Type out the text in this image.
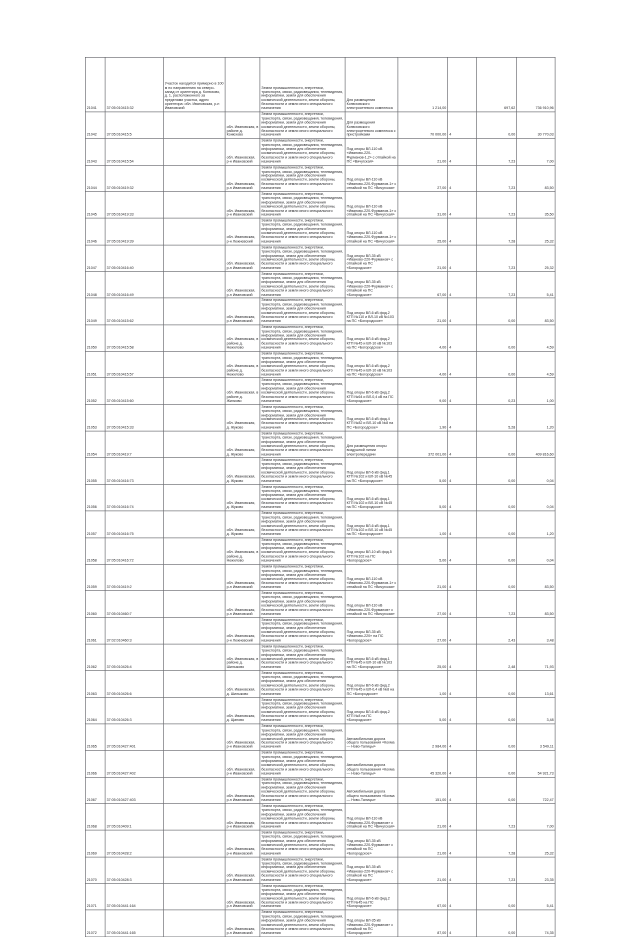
21041	37:05:010415:32	Участок находится примерно в 100 м по направлению на северо-запад от ориентира д. Конюхово, д. 1, расположенного за пределами участка, адрес ориентира: обл. Ивановская, р-н Ивановский		Земли промышленности, энергетики, транспорта, связи, радиовещания, телевидения, информатики, земли для обеспечения космической деятельности, земли обороны, безопасности и земли иного специального назначения	Для размещения Конюховского электросетевого комплекса	1 214,00		697,62	736 910,96
21042	37:05:010415:5		обл. Ивановская, в районе д. Конюхово	Земли промышленности, энергетики, транспорта, связи, радиовещания, телевидения, информатики, земли для обеспечения космической деятельности, земли обороны, безопасности и земли иного специального назначения	Для размещения Конюховского электросетевого комплекса с пристройками	70 000,00	4	0,00	30 770,03
21043	37:05:010415:54		обл. Ивановская, р-н Ивановский	Земли промышленности, энергетики, транспорта, связи, радиовещания, телевидения, информатики, земли для обеспечения космической деятельности, земли обороны, безопасности и земли иного специального назначения	Под опоры ВЛ-110 кВ «Иваново-220-Фурманов-1,2» с отпайкой на ПС «Вичугская»	21,00	4	7,23	7,00
21044	37:05:010419:32		обл. Ивановская, р-н Ивановский	Земли промышленности, энергетики, транспорта, связи, радиовещания, телевидения, информатики, земли для обеспечения космической деятельности, земли обороны, безопасности и земли иного специального назначения	Под опоры ВЛ-110 кВ «Иваново-220-Фурманов-1» с отпайкой на ПС «Вичугская»	27,00	4	7,23	83,50
21045	37:05:010419:33		обл. Ивановская, р-н Ивановский	Земли промышленности, энергетики, транспорта, связи, радиовещания, телевидения, информатики, земли для обеспечения космической деятельности, земли обороны, безопасности и земли иного специального назначения	Под опоры ВЛ-110 кВ «Иваново-220-Фурманов-1» с отпайкой на ПС «Вичугская»	31,00	4	7,23	35,50
21046	37:05:010419:39		обл. Ивановская, р-н Лежневский	Земли промышленности, энергетики, транспорта, связи, радиовещания, телевидения, информатики, земли для обеспечения космической деятельности, земли обороны, безопасности и земли иного специального назначения	Под опоры ВЛ-110 кВ «Иваново-220-Фурманов-1» с отпайкой на ПС «Вичугская»	25,00	4	7,28	25,32
21047	37:05:010416:40		обл. Ивановская, р-н Ивановский	Земли промышленности, энергетики, транспорта, связи, радиовещания, телевидения, информатики, земли для обеспечения космической деятельности, земли обороны, безопасности и земли иного специального назначения	Под опоры ВЛ-35 кВ «Иваново-220-Фурманов» с отпайкой на ПС «Богородское»	21,00	4	7,23	25,32
21048	37:05:010416:49		обл. Ивановская, р-н Ивановский	Земли промышленности, энергетики, транспорта, связи, радиовещания, телевидения, информатики, земли для обеспечения космической деятельности, земли обороны, безопасности и земли иного специального назначения	Под опоры ВЛ-35 кВ «Иваново-220-Фурманов» с отпайкой на ПС «Богородское»	67,00	4	7,23	5,41
21049	37:05:010415:62		обл. Ивановская, р-н Ивановский	Земли промышленности, энергетики, транспорта, связи, радиовещания, телевидения, информатики, земли для обеспечения космической деятельности, земли обороны, безопасности и земли иного специального назначения	Под опоры ВЛ-6 кВ фид.2 КТП №110 и ВЛ-10 кВ №103 на ПС «Богородское»	21,00	4	0,00	83,50
21050	37:05:010415:58		обл. Ивановская, в районе д. Нежилово	Земли промышленности, энергетики, транспорта, связи, радиовещания, телевидения, информатики, земли для обеспечения космической деятельности, земли обороны, безопасности и земли иного специального назначения	Под опоры ВЛ-6 кВ фид.2 КТП №45 и ВЛ-10 кВ №103 на ПС «Богородское»	4,00	4	0,00	4,59
21051	37:05:010415:57		обл. Ивановская, в районе д. Нежилово	Земли промышленности, энергетики, транспорта, связи, радиовещания, телевидения, информатики, земли для обеспечения космической деятельности, земли обороны, безопасности и земли иного специального назначения	Под опоры ВЛ-6 кВ фид.2 КТП №45 и ВЛ-10 кВ №103 на ПС «Богородское»	4,00	4	0,00	4,59
21052	37:05:010415:60		обл. Ивановская, в районе д. Жилково	Земли промышленности, энергетики, транспорта, связи, радиовещания, телевидения, информатики, земли для обеспечения космической деятельности, земли обороны, безопасности и земли иного специального назначения	Под опоры ВЛ-6 кВ фид.2 КТП №64 и ВЛ-0,4 кВ на ПС «Богородское»	9,00	4	0,23	1,00
21053	37:05:010415:33		обл. Ивановская, д. Жуково	Земли промышленности, энергетики, транспорта, связи, радиовещания, телевидения, информатики, земли для обеспечения космической деятельности, земли обороны, безопасности и земли иного специального назначения	Под опоры ВЛ-6 кВ фид.4 КТП №82 и ВЛ-10 кВ №8 на ПС «Богородское»	1,90	4	5,28	1,20
21054	37:05:010419:7		обл. Ивановская, д. Жуково	Земли промышленности, энергетики, транспорта, связи, радиовещания, телевидения, информатики, земли для обеспечения космической деятельности, земли обороны, безопасности и земли иного специального назначения	Для размещения опоры воздушной линии электропередачи	372 001,00	4	0,00	409 816,60
21055	37:05:010416:73		обл. Ивановская, д. Жуково	Земли промышленности, энергетики, транспорта, связи, радиовещания, телевидения, информатики, земли для обеспечения космической деятельности, земли обороны, безопасности и земли иного специального назначения	Под опоры ВЛ-6 кВ фид.1 КТП №102 и ВЛ-10 кВ №45 на ПС «Богородское»	5,00	4	0,00	0,04
21056	37:05:010416:74		обл. Ивановская, д. Жуково	Земли промышленности, энергетики, транспорта, связи, радиовещания, телевидения, информатики, земли для обеспечения космической деятельности, земли обороны, безопасности и земли иного специального назначения	Под опоры ВЛ-6 кВ фид.1 КТП №102 и ВЛ-10 кВ №45 на ПС «Богородское»	5,00	4	0,00	0,04
21057	37:05:010416:75		обл. Ивановская, д. Жуково	Земли промышленности, энергетики, транспорта, связи, радиовещания, телевидения, информатики, земли для обеспечения космической деятельности, земли обороны, безопасности и земли иного специального назначения	Под опоры ВЛ-6 кВ фид.1 КТП №102 и ВЛ-10 кВ №45 на ПС «Богородское»	1,00	4	0,00	1,20
21058	37:05:010416:72		обл. Ивановская, в районе д. Нежилово	Земли промышленности, энергетики, транспорта, связи, радиовещания, телевидения, информатики, земли для обеспечения космической деятельности, земли обороны, безопасности и земли иного специального назначения	Под опоры ВЛ-10 кВ фид.5 КТП №102 на ПС «Богородское»	5,00	4	0,00	0,04
21059	37:05:010419:2		обл. Ивановская, р-н Ивановский	Земли промышленности, энергетики, транспорта, связи, радиовещания, телевидения, информатики, земли для обеспечения космической деятельности, земли обороны, безопасности и земли иного специального назначения	Под опоры ВЛ-110 кВ «Иваново-220-Фурманов-1» с отпайкой на ПС «Вичугская»	21,00	4	0,00	83,50
21060	37:05:010460:7		обл. Ивановская, р-н Ивановский	Земли промышленности, энергетики, транспорта, связи, радиовещания, телевидения, информатики, земли для обеспечения космической деятельности, земли обороны, безопасности и земли иного специального назначения	Под опоры ВЛ-110 кВ «Иваново-220-Фурманов» с отпайкой на ПС «Вичугская»	27,00	4	7,23	83,50
21061	37:02:010460:3		обл. Ивановская, р-н Лежневский	Земли промышленности, энергетики, транспорта, связи, радиовещания, телевидения, информатики, земли для обеспечения космической деятельности, земли обороны, безопасности и земли иного специального назначения	Под опоры ВЛ-35 кВ «Иваново-220» на ПС «Богородское»	27,00	4	2,43	3,48
21062	37:05:010426:4		обл. Ивановская, в районе д. Шилыково	Земли промышленности, энергетики, транспорта, связи, радиовещания, телевидения, информатики, земли для обеспечения космической деятельности, земли обороны, безопасности и земли иного специального назначения	Под опоры ВЛ-6 кВ фид.1 КТП №45 и ВЛ-10 кВ №103 на ПС «Богородское»	25,00	4	2,48	71,93
21063	37:05:010426:6		обл. Ивановская, д. Шилыково	Земли промышленности, энергетики, транспорта, связи, радиовещания, телевидения, информатики, земли для обеспечения космической деятельности, земли обороны, безопасности и земли иного специального назначения	Под опоры ВЛ-6 кВ фид.2 КТП №45 и ВЛ-0,4 кВ №8 на ПС «Богородское»	1,00	4	0,00	13,61
21064	37:05:010426:3		обл. Ивановская, д. Щапово	Земли промышленности, энергетики, транспорта, связи, радиовещания, телевидения, информатики, земли для обеспечения космической деятельности, земли обороны, безопасности и земли иного специального назначения	Под опоры ВЛ-6 кВ фид.2 КТП №8 на ПС «Богородское»	5,00	4	0,00	3,48
21065	37:05:010427:401		обл. Ивановская, р-н Ивановский	Земли промышленности, энергетики, транспорта, связи, радиовещания, телевидения, информатики, земли для обеспечения космической деятельности, земли обороны, безопасности и земли иного специального назначения	Автомобильная дорога общего пользования «Кохма — Ново-Талицы»	2 984,00	4	0,00	3 549,11
21066	37:05:010427:402		обл. Ивановская, р-н Ивановский	Земли промышленности, энергетики, транспорта, связи, радиовещания, телевидения, информатики, земли для обеспечения космической деятельности, земли обороны, безопасности и земли иного специального назначения	Автомобильная дорога общего пользования «Кохма — Ново-Талицы»	45 320,00	4	0,00	54 921,73
21067	37:05:010427:403		обл. Ивановская, р-н Ивановский	Земли промышленности, энергетики, транспорта, связи, радиовещания, телевидения, информатики, земли для обеспечения космической деятельности, земли обороны, безопасности и земли иного специального назначения	Автомобильная дорога общего пользования «Кохма — Ново-Талицы»	151,00	4	0,00	722,47
21068	37:05:010409:1		обл. Ивановская, р-н Ивановский	Земли промышленности, энергетики, транспорта, связи, радиовещания, телевидения, информатики, земли для обеспечения космической деятельности, земли обороны, безопасности и земли иного специального назначения	Под опоры ВЛ-110 кВ «Иваново-220-Фурманов» с отпайкой на ПС «Вичугская»	21,00	4	7,23	7,00
21069	37:05:010428:2		обл. Ивановская, р-н Ивановский	Земли промышленности, энергетики, транспорта, связи, радиовещания, телевидения, информатики, земли для обеспечения космической деятельности, земли обороны, безопасности и земли иного специального назначения	Под опоры ВЛ-35 кВ «Иваново-220-Фурманов» с отпайкой на ПС «Богородское»	21,00	4	7,28	25,32
21070	37:05:010428:3		обл. Ивановская, р-н Ивановский	Земли промышленности, энергетики, транспорта, связи, радиовещания, телевидения, информатики, земли для обеспечения космической деятельности, земли обороны, безопасности и земли иного специального назначения	Под опоры ВЛ-35 кВ «Иваново-220-Фурманов» с отпайкой на ПС «Богородское»	21,00	4	7,23	23,35
21071	37:05:010441:164		обл. Ивановская, р-н Ивановский	Земли промышленности, энергетики, транспорта, связи, радиовещания, телевидения, информатики, земли для обеспечения космической деятельности, земли обороны, безопасности и земли иного специального назначения	Под опоры ВЛ-6 кВ фид.2 КТП №45 на ПС «Богородское»	67,00	4	0,00	5,41
21072	37:05:010441:165		обл. Ивановская, р-н Ивановский	Земли промышленности, энергетики, транспорта, связи, радиовещания, телевидения, информатики, земли для обеспечения космической деятельности, земли обороны, безопасности и земли иного специального назначения	Под опоры ВЛ-35 кВ «Иваново-220-Фурманов» с отпайкой на ПС «Богородское»	87,00	4	0,00	74,35
